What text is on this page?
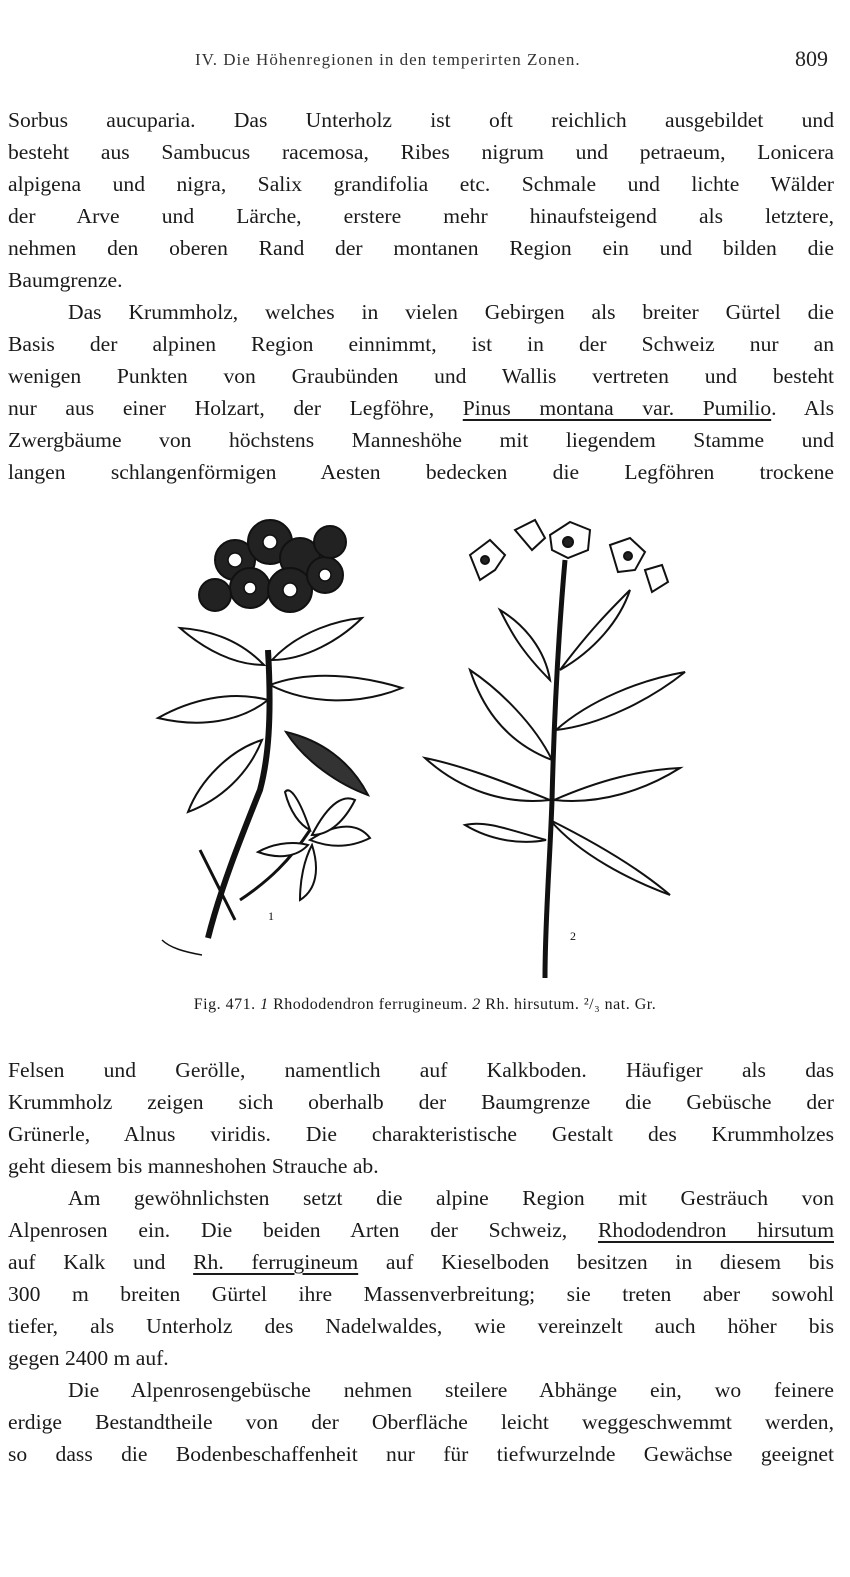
IV. Die Höhenregionen in den temperirten Zonen.	809
Sorbus aucuparia. Das Unterholz ist oft reichlich ausgebildet und
besteht aus Sambucus racemosa, Ribes nigrum und petraeum, Lonicera
alpigena und nigra, Salix grandifolia etc. Schmale und lichte Wälder
der Arve und Lärche, erstere mehr hinaufsteigend als letztere,
nehmen den oberen Rand der montanen Region ein und bilden die
Baumgrenze.
Das Krummholz, welches in vielen Gebirgen als breiter Gürtel die
Basis der alpinen Region einnimmt, ist in der Schweiz nur an
wenigen Punkten von Graubünden und Wallis vertreten und besteht
nur aus einer Holzart, der Legföhre, Pinus montana var. Pumilio. Als
Zwergbäume von höchstens Manneshöhe mit liegendem Stamme und
langen schlangenförmigen Aesten bedecken die Legföhren trockene
1
2
Fig. 471. 1 Rhododendron ferrugineum. 2 Rh. hirsutum. ²/₃ nat. Gr.
Felsen und Gerölle, namentlich auf Kalkboden. Häufiger als das
Krummholz zeigen sich oberhalb der Baumgrenze die Gebüsche der
Grünerle, Alnus viridis. Die charakteristische Gestalt des Krummholzes
geht diesem bis manneshohen Strauche ab.
Am gewöhnlichsten setzt die alpine Region mit Gesträuch von
Alpenrosen ein. Die beiden Arten der Schweiz, Rhododendron hirsutum
auf Kalk und Rh. ferrugineum auf Kieselboden besitzen in diesem bis
300 m breiten Gürtel ihre Massenverbreitung; sie treten aber sowohl
tiefer, als Unterholz des Nadelwaldes, wie vereinzelt auch höher bis
gegen 2400 m auf.
Die Alpenrosengebüsche nehmen steilere Abhänge ein, wo feinere
erdige Bestandtheile von der Oberfläche leicht weggeschwemmt werden,
so dass die Bodenbeschaffenheit nur für tiefwurzelnde Gewächse geeignet
